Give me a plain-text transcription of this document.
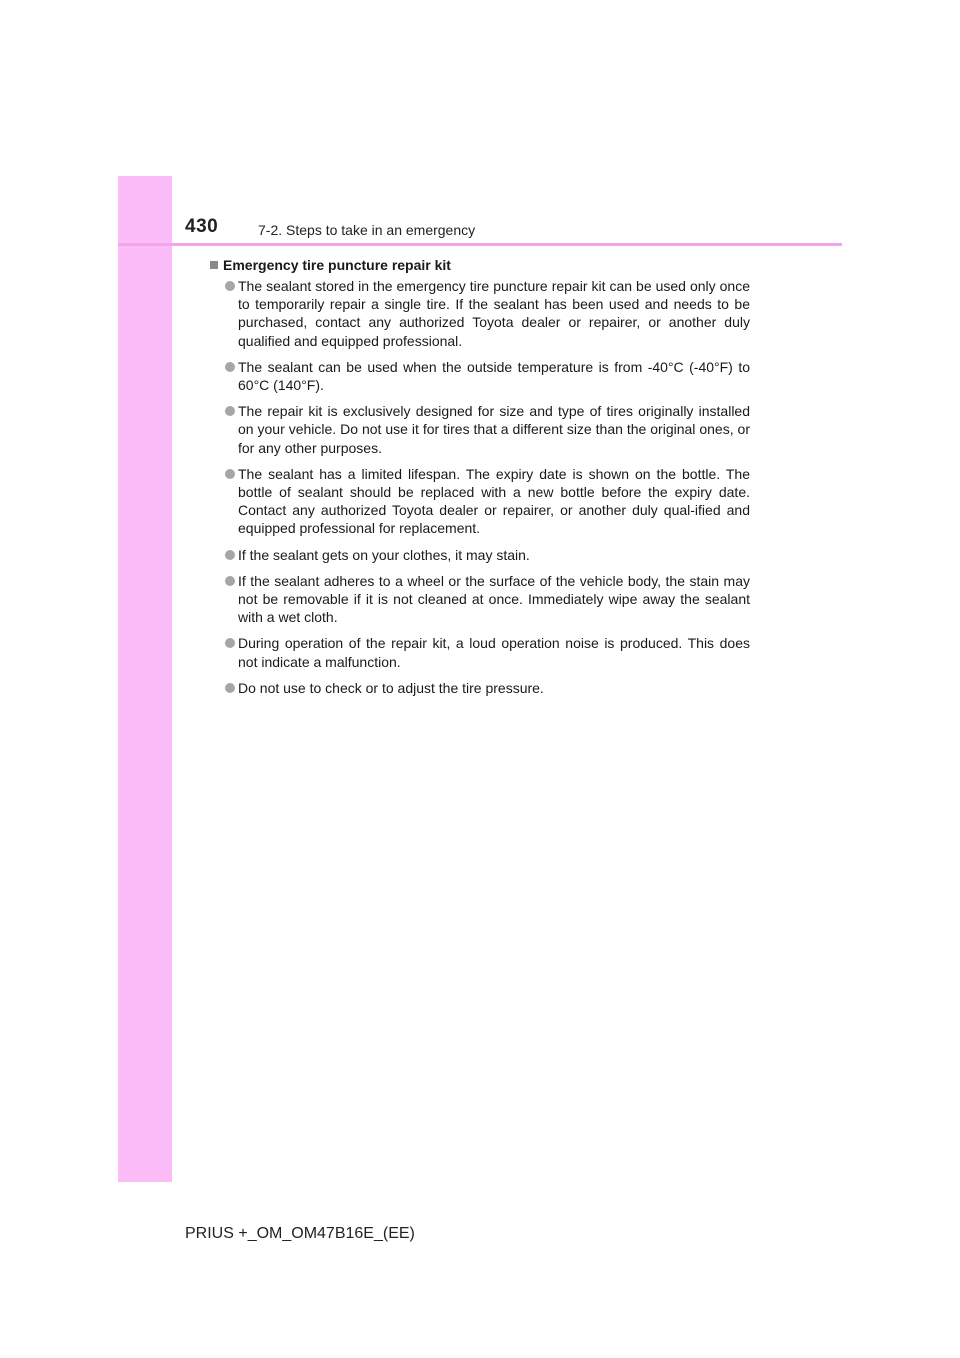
430	7-2. Steps to take in an emergency
Emergency tire puncture repair kit
The sealant stored in the emergency tire puncture repair kit can be used only once to temporarily repair a single tire. If the sealant has been used and needs to be purchased, contact any authorized Toyota dealer or repairer, or another duly qualified and equipped professional.
The sealant can be used when the outside temperature is from -40°C (-40°F) to 60°C (140°F).
The repair kit is exclusively designed for size and type of tires originally installed on your vehicle. Do not use it for tires that a different size than the original ones, or for any other purposes.
The sealant has a limited lifespan. The expiry date is shown on the bottle. The bottle of sealant should be replaced with a new bottle before the expiry date. Contact any authorized Toyota dealer or repairer, or another duly qual-ified and equipped professional for replacement.
If the sealant gets on your clothes, it may stain.
If the sealant adheres to a wheel or the surface of the vehicle body, the stain may not be removable if it is not cleaned at once. Immediately wipe away the sealant with a wet cloth.
During operation of the repair kit, a loud operation noise is produced. This does not indicate a malfunction.
Do not use to check or to adjust the tire pressure.
PRIUS +_OM_OM47B16E_(EE)
